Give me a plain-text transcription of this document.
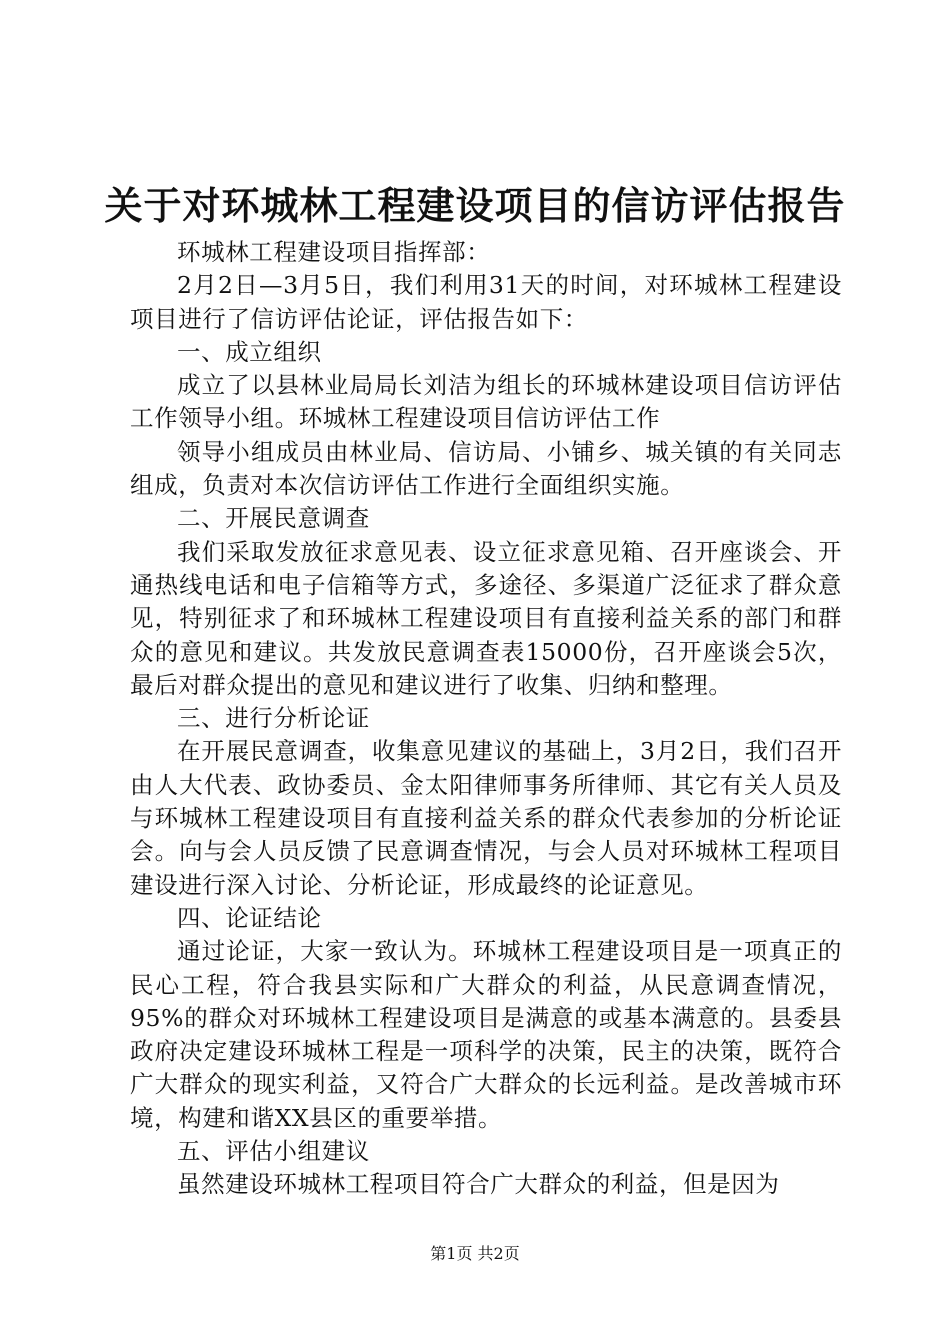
关于对环城林工程建设项目的信访评估报告

环城林工程建设项目指挥部：

2月2日—3月5日，我们利用31天的时间，对环城林工程建设项目进行了信访评估论证，评估报告如下：

一、成立组织

成立了以县林业局局长刘洁为组长的环城林建设项目信访评估工作领导小组。环城林工程建设项目信访评估工作

领导小组成员由林业局、信访局、小铺乡、城关镇的有关同志组成，负责对本次信访评估工作进行全面组织实施。

二、开展民意调查

我们采取发放征求意见表、设立征求意见箱、召开座谈会、开通热线电话和电子信箱等方式，多途径、多渠道广泛征求了群众意见，特别征求了和环城林工程建设项目有直接利益关系的部门和群众的意见和建议。共发放民意调查表15000份，召开座谈会5次，最后对群众提出的意见和建议进行了收集、归纳和整理。

三、进行分析论证

在开展民意调查，收集意见建议的基础上，3月2日，我们召开由人大代表、政协委员、金太阳律师事务所律师、其它有关人员及与环城林工程建设项目有直接利益关系的群众代表参加的分析论证会。向与会人员反馈了民意调查情况，与会人员对环城林工程项目建设进行深入讨论、分析论证，形成最终的论证意见。

四、论证结论

通过论证，大家一致认为。环城林工程建设项目是一项真正的民心工程，符合我县实际和广大群众的利益，从民意调查情况，95%的群众对环城林工程建设项目是满意的或基本满意的。县委县政府决定建设环城林工程是一项科学的决策，民主的决策，既符合广大群众的现实利益，又符合广大群众的长远利益。是改善城市环境，构建和谐XX县区的重要举措。

五、评估小组建议

虽然建设环城林工程项目符合广大群众的利益，但是因为

第1页 共2页
